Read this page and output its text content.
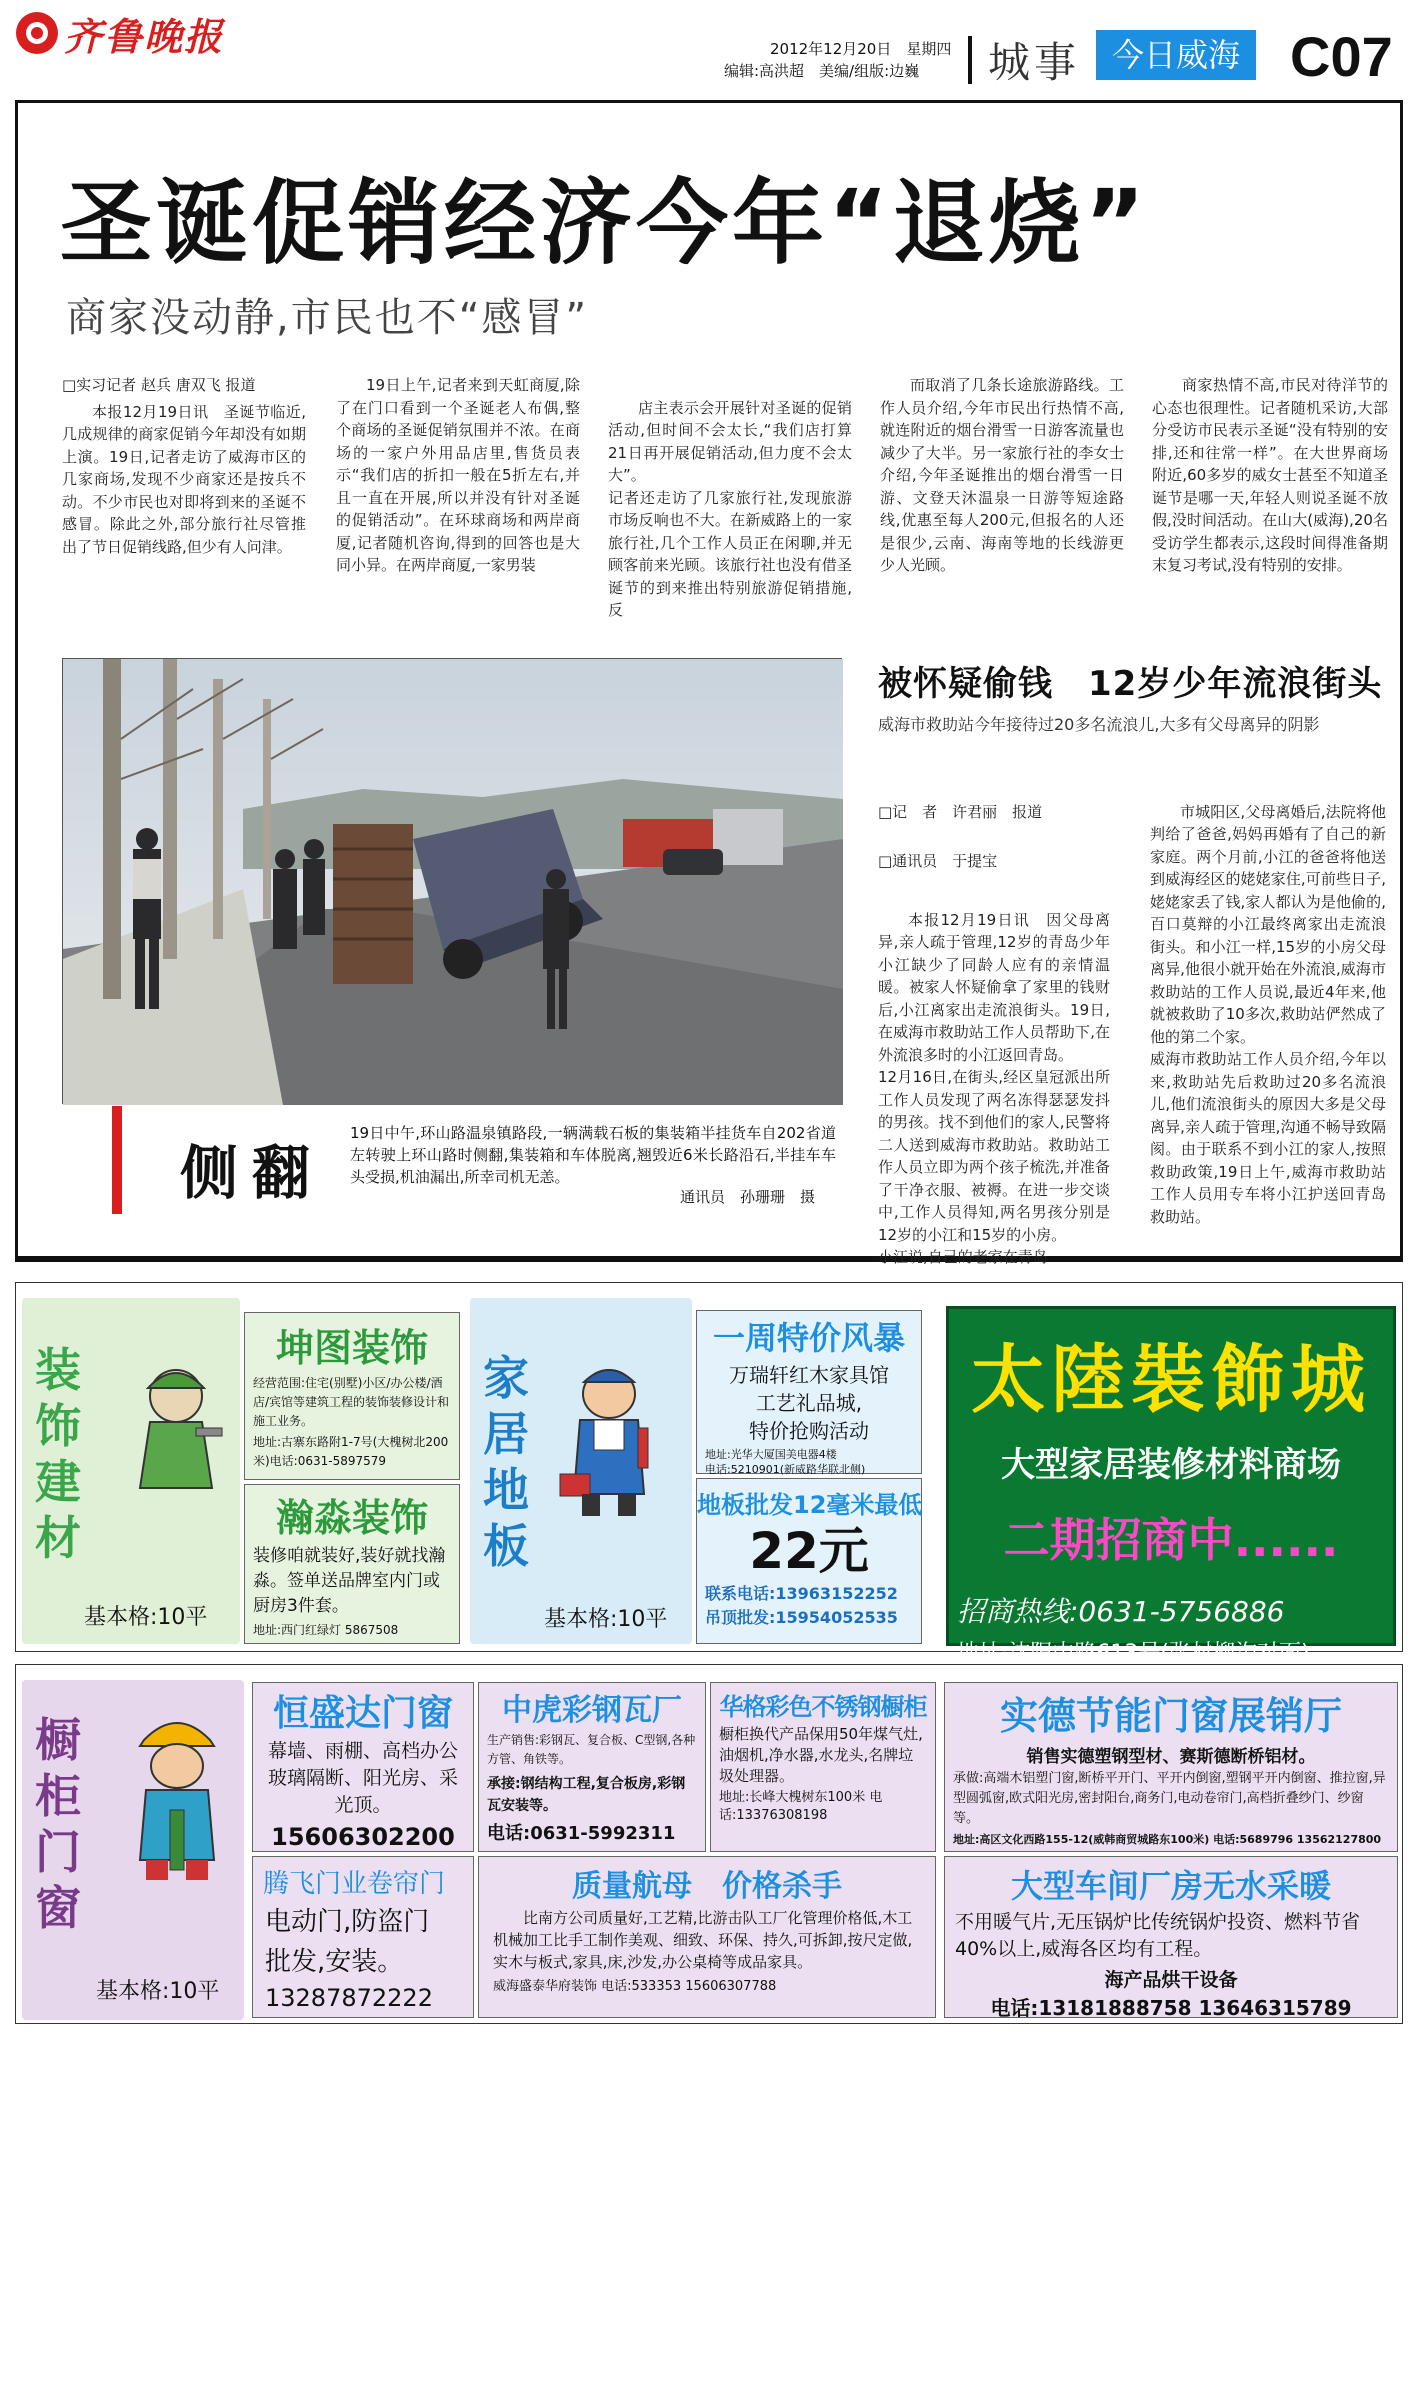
齐鲁晚报	2012年12月20日　星期四
编辑:高洪超　美编/组版:边巍 城事 今日威海 C07
圣诞促销经济今年“退烧”
商家没动静,市民也不“感冒”
□实习记者 赵兵 唐双飞 报道

本报12月19日讯　圣诞节临近,几成规律的商家促销今年却没有如期上演。19日,记者走访了威海市区的几家商场,发现不少商家还是按兵不动。不少市民也对即将到来的圣诞不感冒。除此之外,部分旅行社尽管推出了节日促销线路,但少有人问津。

19日上午,记者来到天虹商厦,除了在门口看到一个圣诞老人布偶,整个商场的圣诞促销氛围并不浓。在商场的一家户外用品店里,售货员表示“我们店的折扣一般在5折左右,并且一直在开展,所以并没有针对圣诞的促销活动”。在环球商场和两岸商厦,记者随机咨询,得到的回答也是大同小异。在两岸商厦,一家男装

店主表示会开展针对圣诞的促销活动,但时间不会太长,“我们店打算21日再开展促销活动,但力度不会太大”。
记者还走访了几家旅行社,发现旅游市场反响也不大。在新威路上的一家旅行社,几个工作人员正在闲聊,并无顾客前来光顾。该旅行社也没有借圣诞节的到来推出特别旅游促销措施,反

而取消了几条长途旅游路线。工作人员介绍,今年市民出行热情不高,就连附近的烟台滑雪一日游客流量也减少了大半。另一家旅行社的李女士介绍,今年圣诞推出的烟台滑雪一日游、文登天沐温泉一日游等短途路线,优惠至每人200元,但报名的人还是很少,云南、海南等地的长线游更少人光顾。

商家热情不高,市民对待洋节的心态也很理性。记者随机采访,大部分受访市民表示圣诞“没有特别的安排,还和往常一样”。在大世界商场附近,60多岁的威女士甚至不知道圣诞节是哪一天,年轻人则说圣诞不放假,没时间活动。在山大(威海),20名受访学生都表示,这段时间得准备期末复习考试,没有特别的安排。

侧翻
19日中午,环山路温泉镇路段,一辆满载石板的集装箱半挂货车自202省道左转驶上环山路时侧翻,集装箱和车体脱离,翘毁近6米长路沿石,半挂车车头受损,机油漏出,所幸司机无恙。
通讯员　孙珊珊　摄
被怀疑偷钱　12岁少年流浪街头
威海市救助站今年接待过20多名流浪儿,大多有父母离异的阴影

□记　者　许君丽　报道

□通讯员　于提宝

本报12月19日讯　因父母离异,亲人疏于管理,12岁的青岛少年小江缺少了同龄人应有的亲情温暖。被家人怀疑偷拿了家里的钱财后,小江离家出走流浪街头。19日,在威海市救助站工作人员帮助下,在外流浪多时的小江返回青岛。
12月16日,在街头,经区皇冠派出所工作人员发现了两名冻得瑟瑟发抖的男孩。找不到他们的家人,民警将二人送到威海市救助站。救助站工作人员立即为两个孩子梳洗,并准备了干净衣服、被褥。在进一步交谈中,工作人员得知,两名男孩分别是12岁的小江和15岁的小房。
小江说,自己的老家在青岛

市城阳区,父母离婚后,法院将他判给了爸爸,妈妈再婚有了自己的新家庭。两个月前,小江的爸爸将他送到威海经区的姥姥家住,可前些日子,姥姥家丢了钱,家人都认为是他偷的,百口莫辩的小江最终离家出走流浪街头。和小江一样,15岁的小房父母离异,他很小就开始在外流浪,威海市救助站的工作人员说,最近4年来,他就被救助了10多次,救助站俨然成了他的第二个家。
威海市救助站工作人员介绍,今年以来,救助站先后救助过20多名流浪儿,他们流浪街头的原因大多是父母离异,亲人疏于管理,沟通不畅导致隔阂。由于联系不到小江的家人,按照救助政策,19日上午,威海市救助站工作人员用专车将小江护送回青岛救助站。

装饰建材
基本格:10平
坤图装饰
经营范围:住宅(别墅)小区/办公楼/酒店/宾馆等建筑工程的装饰装修设计和施工业务。
地址:古寨东路附1-7号(大槐树北200米)电话:0631-5897579
瀚淼装饰
装修咱就装好,装好就找瀚淼。签单送品牌室内门或厨房3件套。
地址:西门红绿灯 5867508
家居地板
基本格:10平
一周特价风暴
万瑞轩红木家具馆
工艺礼品城,
特价抢购活动
地址:光华大厦国美电器4楼
电话:5210901(新威路华联北侧)
地板批发12毫米最低
22元
联系电话:13963152252
吊顶批发:15954052535
太陸裝飾城
大型家居装修材料商场
二期招商中......
招商热线:0631-5756886
地址:沈阳中路613号(张村柳沟对面)
橱柜门窗
基本格:10平
恒盛达门窗
幕墙、雨棚、高档办公玻璃隔断、阳光房、采光顶。
15606302200
中虎彩钢瓦厂
生产销售:彩钢瓦、复合板、C型钢,各种方管、角铁等。
承接:钢结构工程,复合板房,彩钢瓦安装等。
电话:0631-5992311
华格彩色不锈钢橱柜
橱柜换代产品保用50年煤气灶,油烟机,净水器,水龙头,名牌垃圾处理器。
地址:长峰大槐树东100米 电话:13376308198
实德节能门窗展销厅
销售实德塑钢型材、赛斯德断桥铝材。
承做:高端木铝塑门窗,断桥平开门、平开内倒窗,塑钢平开内倒窗、推拉窗,异型圆弧窗,欧式阳光房,密封阳台,商务门,电动卷帘门,高档折叠纱门、纱窗等。
地址:高区文化西路155-12(威韩商贸城路东100米) 电话:5689796 13562127800
腾飞门业卷帘门
电动门,防盗门
批发,安装。
13287872222
质量航母　价格杀手
比南方公司质量好,工艺精,比游击队工厂化管理价格低,木工机械加工比手工制作美观、细致、环保、持久,可拆卸,按尺定做,实木与板式,家具,床,沙发,办公桌椅等成品家具。
威海盛泰华府装饰 电话:533353 15606307788
大型车间厂房无水采暖
不用暖气片,无压锅炉比传统锅炉投资、燃料节省40%以上,威海各区均有工程。
海产品烘干设备
电话:13181888758 13646315789
